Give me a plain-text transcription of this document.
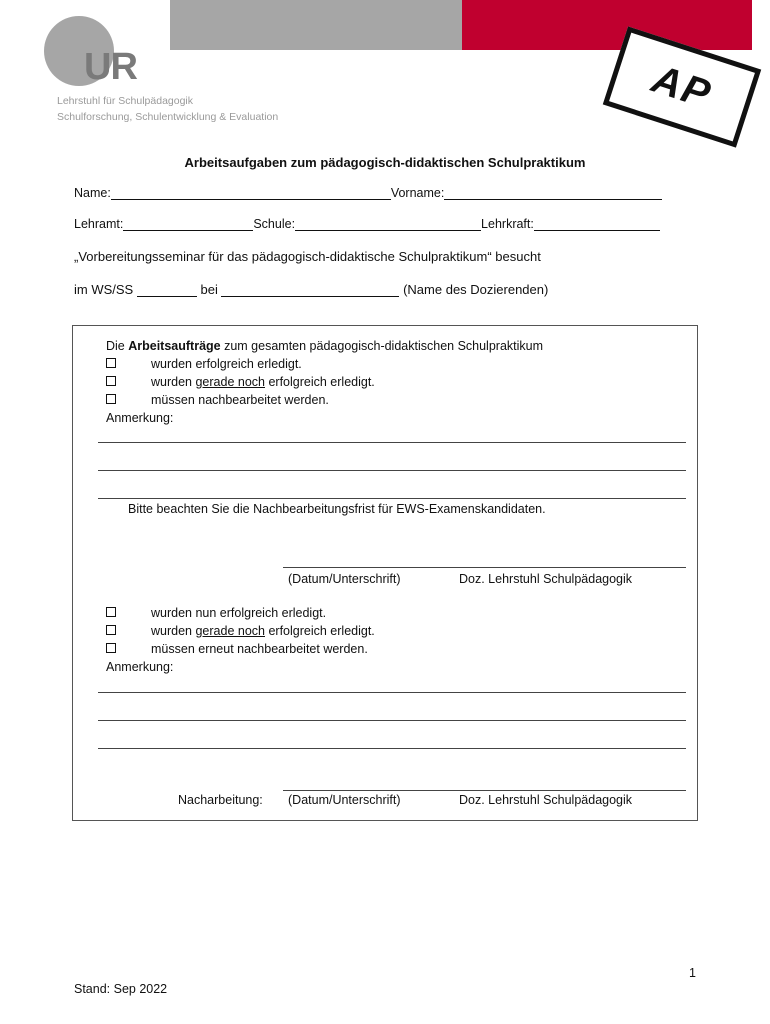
UR
Lehrstuhl für Schulpädagogik
Schulforschung, Schulentwicklung & Evaluation
AP
Arbeitsaufgaben zum pädagogisch-didaktischen Schulpraktikum
Name:	Vorname:
Lehramt:	Schule:	Lehrkraft:
„Vorbereitungsseminar für das pädagogisch-didaktische Schulpraktikum“ besucht
im WS/SS	bei	(Name des Dozierenden)
Die Arbeitsaufträge zum gesamten pädagogisch-didaktischen Schulpraktikum
wurden erfolgreich erledigt.
wurden gerade noch erfolgreich erledigt.
müssen nachbearbeitet werden.
Anmerkung:
Bitte beachten Sie die Nachbearbeitungsfrist für EWS-Examenskandidaten.
(Datum/Unterschrift)	Doz. Lehrstuhl Schulpädagogik
wurden nun erfolgreich erledigt.
wurden gerade noch erfolgreich erledigt.
müssen erneut nachbearbeitet werden.
Anmerkung:
Nacharbeitung: (Datum/Unterschrift)	Doz. Lehrstuhl Schulpädagogik
1
Stand: Sep 2022
